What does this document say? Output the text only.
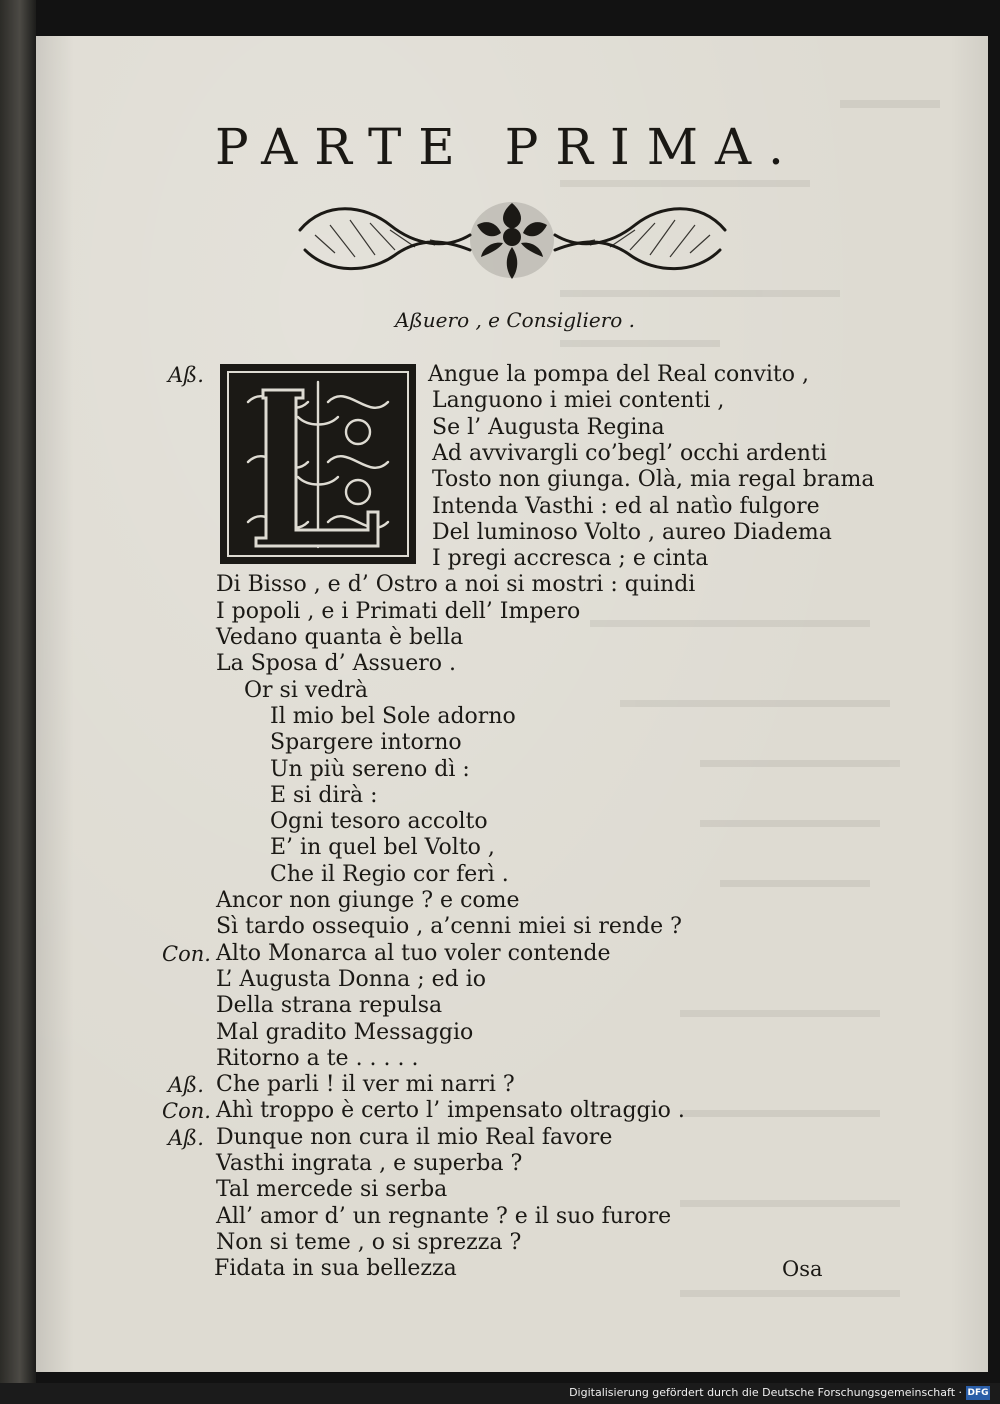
PARTE PRIMA.
Aßuero , e Consigliero .
Angue la pompa del Real convito ,
Aß.
Languono i miei contenti ,
Se l’ Augusta Regina
Ad avvivargli co’begl’ occhi ardenti
Tosto non giunga. Olà, mia regal brama
Intenda Vasthi : ed al natìo fulgore
Del luminoso Volto , aureo Diadema
I pregi accresca ; e cinta
Di Bisso , e d’ Ostro a noi si mostri : quindi
I popoli , e i Primati dell’ Impero
Vedano quanta è bella
La Sposa d’ Assuero .
Or si vedrà
Il mio bel Sole adorno
Spargere intorno
Un più sereno dì :
E si dirà :
Ogni tesoro accolto
E’ in quel bel Volto ,
Che il Regio cor ferì .
Ancor non giunge ? e come
Sì tardo ossequio , a’cenni miei si rende ?
Alto Monarca al tuo voler contende
Con.
L’ Augusta Donna ; ed io
Della strana repulsa
Mal gradito Messaggio
Ritorno a te . . . . .
Che parli ! il ver mi narri ?
Aß.
Ahì troppo è certo l’ impensato oltraggio .
Con.
Dunque non cura il mio Real favore
Aß.
Vasthi ingrata , e superba ?
Tal mercede si serba
All’ amor d’ un regnante ? e il suo furore
Non si teme , o si sprezza ?
Fidata in sua bellezza	Osa
Digitalisierung gefördert durch die Deutsche Forschungsgemeinschaft · DFG
